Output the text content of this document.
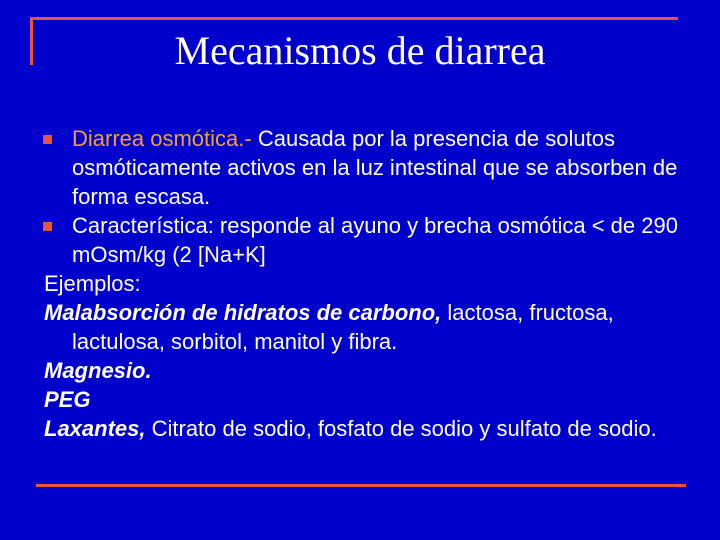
Mecanismos de diarrea
Diarrea osmótica.- Causada por la presencia de solutos osmóticamente activos en la luz intestinal que se absorben de forma escasa.
Característica: responde al ayuno y brecha osmótica < de 290 mOsm/kg (2 [Na+K]
Ejemplos:
Malabsorción de hidratos de carbono, lactosa, fructosa, lactulosa, sorbitol, manitol y fibra.
Magnesio.
PEG
Laxantes, Citrato de sodio, fosfato de sodio y sulfato de sodio.
